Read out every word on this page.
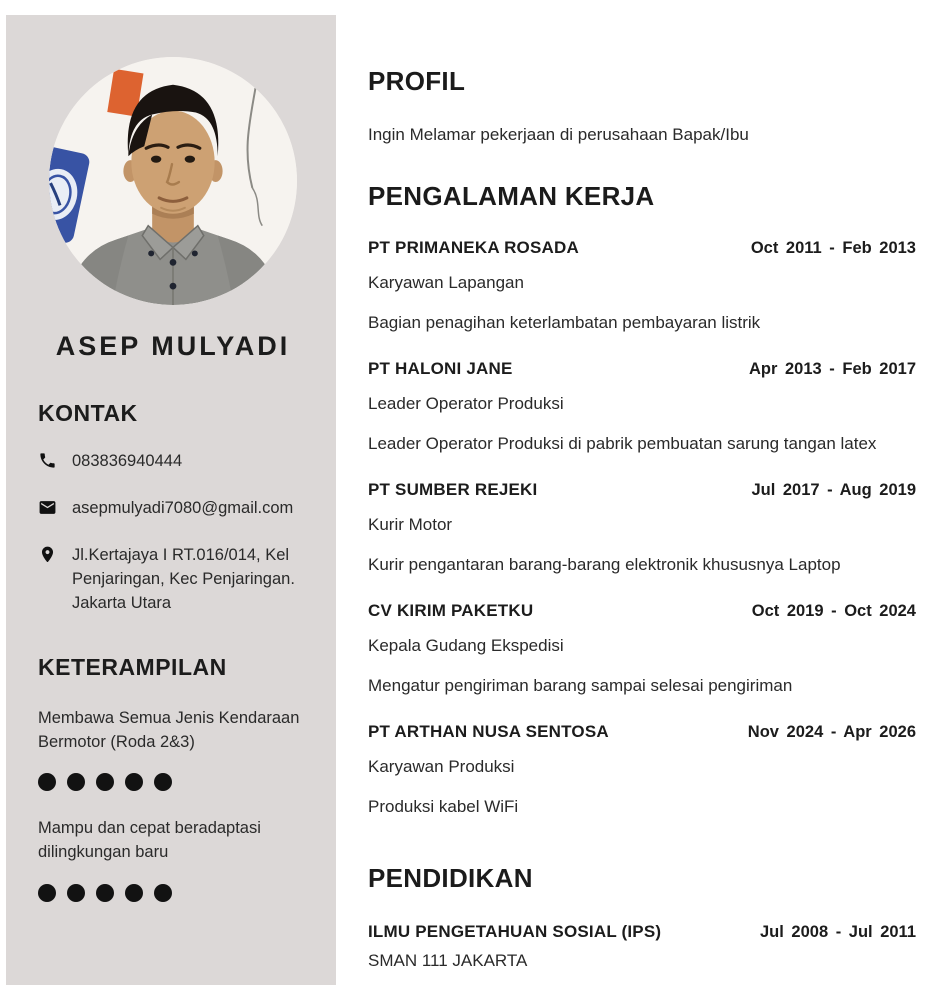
ASEP MULYADI
KONTAK
083836940444
asepmulyadi7080@gmail.com
Jl.Kertajaya I RT.016/014, Kel
Penjaringan, Kec Penjaringan.
Jakarta Utara
KETERAMPILAN
Membawa Semua Jenis Kendaraan Bermotor (Roda 2&3)
Mampu dan cepat beradaptasi dilingkungan baru
PROFIL
Ingin Melamar pekerjaan di perusahaan Bapak/Ibu
PENGALAMAN KERJA
PT PRIMANEKA ROSADA	Oct 2011 - Feb 2013
Karyawan Lapangan
Bagian penagihan keterlambatan pembayaran listrik
PT HALONI JANE	Apr 2013 - Feb 2017
Leader Operator Produksi
Leader Operator Produksi di pabrik pembuatan sarung tangan latex
PT SUMBER REJEKI	Jul 2017 - Aug 2019
Kurir Motor
Kurir pengantaran barang-barang elektronik khususnya Laptop
CV KIRIM PAKETKU	Oct 2019 - Oct 2024
Kepala Gudang Ekspedisi
Mengatur pengiriman barang sampai selesai pengiriman
PT ARTHAN NUSA SENTOSA	Nov 2024 - Apr 2026
Karyawan Produksi
Produksi kabel WiFi
PENDIDIKAN
ILMU PENGETAHUAN SOSIAL (IPS)	Jul 2008 - Jul 2011
SMAN 111 JAKARTA
